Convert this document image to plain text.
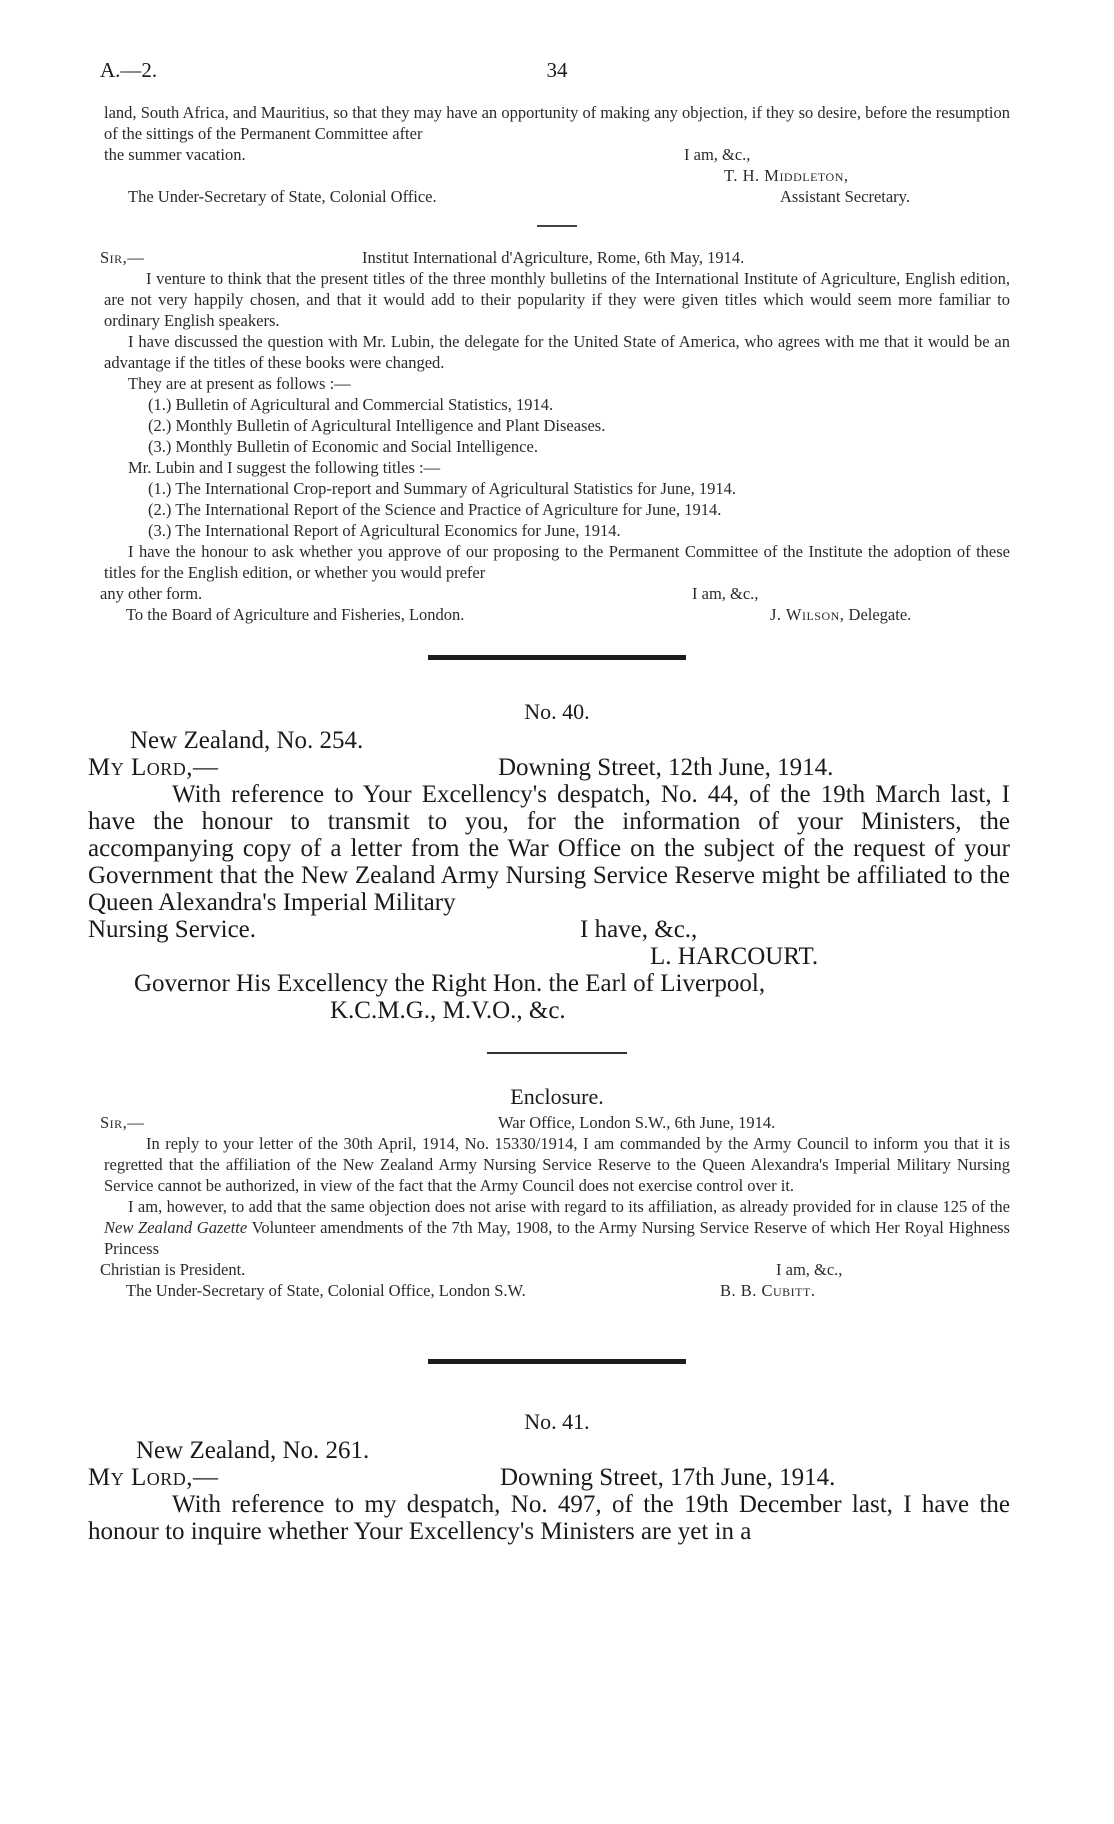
A.—2.	34

land, South Africa, and Mauritius, so that they may have an opportunity of making any objection, if they so desire, before the resumption of the sittings of the Permanent Committee after

the summer vacation.	I am, &c.,
T. H. Middleton,
The Under-Secretary of State, Colonial Office.	Assistant Secretary.
Sir,—	Institut International d'Agriculture, Rome, 6th May, 1914.

I venture to think that the present titles of the three monthly bulletins of the International Institute of Agriculture, English edition, are not very happily chosen, and that it would add to their popularity if they were given titles which would seem more familiar to ordinary English speakers.

I have discussed the question with Mr. Lubin, the delegate for the United State of America, who agrees with me that it would be an advantage if the titles of these books were changed.

They are at present as follows :—

(1.) Bulletin of Agricultural and Commercial Statistics, 1914.

(2.) Monthly Bulletin of Agricultural Intelligence and Plant Diseases.

(3.) Monthly Bulletin of Economic and Social Intelligence.

Mr. Lubin and I suggest the following titles :—

(1.) The International Crop-report and Summary of Agricultural Statistics for June, 1914.

(2.) The International Report of the Science and Practice of Agriculture for June, 1914.

(3.) The International Report of Agricultural Economics for June, 1914.

I have the honour to ask whether you approve of our proposing to the Permanent Committee of the Institute the adoption of these titles for the English edition, or whether you would prefer

any other form.	I am, &c.,
To the Board of Agriculture and Fisheries, London.	J. Wilson, Delegate.
No. 40.
New Zealand, No. 254.
My Lord,—	Downing Street, 12th June, 1914.

With reference to Your Excellency's despatch, No. 44, of the 19th March last, I have the honour to transmit to you, for the information of your Ministers, the accompanying copy of a letter from the War Office on the subject of the request of your Government that the New Zealand Army Nursing Service Reserve might be affiliated to the Queen Alexandra's Imperial Military

Nursing Service.	I have, &c.,
L. HARCOURT.
Governor His Excellency the Right Hon. the Earl of Liverpool,
K.C.M.G., M.V.O., &c.
Enclosure.
Sir,—	War Office, London S.W., 6th June, 1914.

In reply to your letter of the 30th April, 1914, No. 15330/1914, I am commanded by the Army Council to inform you that it is regretted that the affiliation of the New Zealand Army Nursing Service Reserve to the Queen Alexandra's Imperial Military Nursing Service cannot be authorized, in view of the fact that the Army Council does not exercise control over it.

I am, however, to add that the same objection does not arise with regard to its affiliation, as already provided for in clause 125 of the New Zealand Gazette Volunteer amendments of the 7th May, 1908, to the Army Nursing Service Reserve of which Her Royal Highness Princess

Christian is President.	I am, &c.,
The Under-Secretary of State, Colonial Office, London S.W.	B. B. Cubitt.
No. 41.
New Zealand, No. 261.
My Lord,—	Downing Street, 17th June, 1914.

With reference to my despatch, No. 497, of the 19th December last, I have the honour to inquire whether Your Excellency's Ministers are yet in a
